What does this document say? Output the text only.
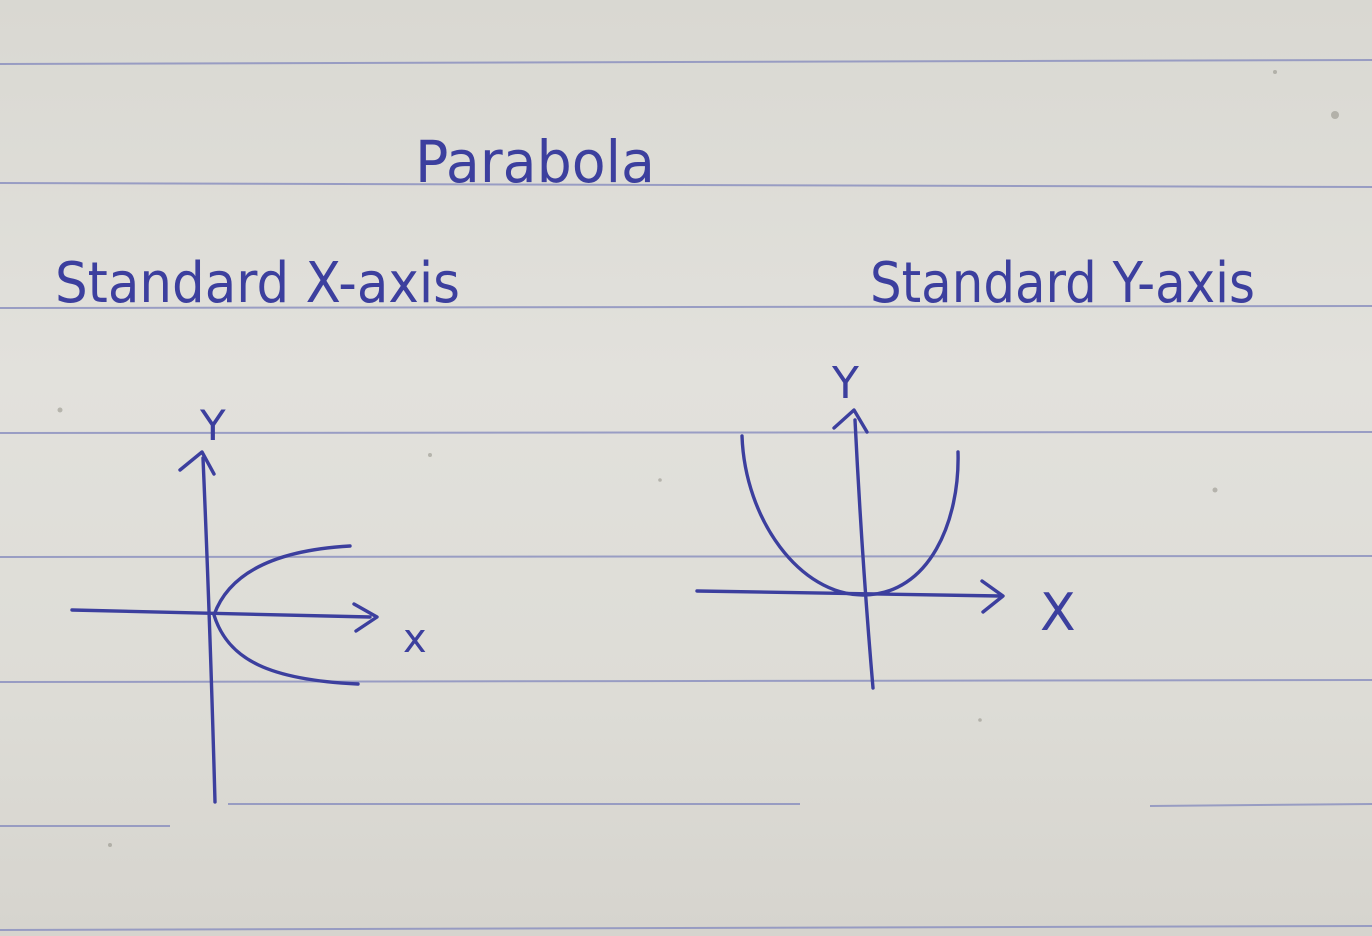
Parabola
Standard X-axis
Y
x
Standard Y-axis
Y
X
